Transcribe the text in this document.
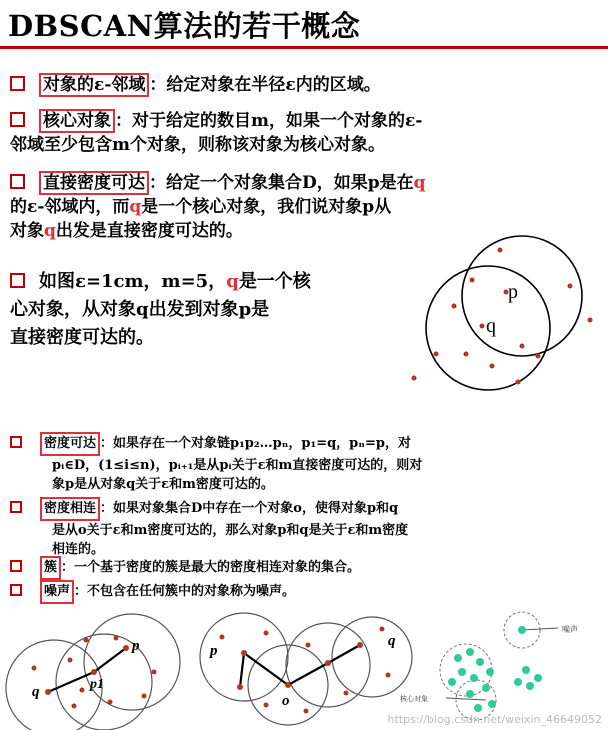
DBSCAN算法的若干概念
对象的ε-邻域 ：给定对象在半径ε内的区域。
核心对象 ：对于给定的数目m，如果一个对象的ε-
邻域至少包含m个对象，则称该对象为核心对象。
直接密度可达 ：给定一个对象集合D，如果p是在q
的ε-邻域内，而q是一个核心对象，我们说对象p从
对象q出发是直接密度可达的。
如图ε=1cm，m=5，q是一个核
心对象，从对象q出发到对象p是
直接密度可达的。
p
q
密度可达 ：如果存在一个对象链p₁p₂…pₙ，p₁=q，pₙ=p，对
pᵢ∈D，(1≤i≤n)，pᵢ₊₁是从pᵢ关于ε和m直接密度可达的，则对
象p是从对象q关于ε和m密度可达的。
密度相连 ：如果对象集合D中存在一个对象o，使得对象p和q
是从o关于ε和m密度可达的，那么对象p和q是关于ε和m密度
相连的。
簇 ：一个基于密度的簇是最大的密度相连对象的集合。
噪声 ：不包含在任何簇中的对象称为噪声。
q
p
p1
p
q
o
噪声
核心对象
https://blog.csdn.net/weixin_46649052
